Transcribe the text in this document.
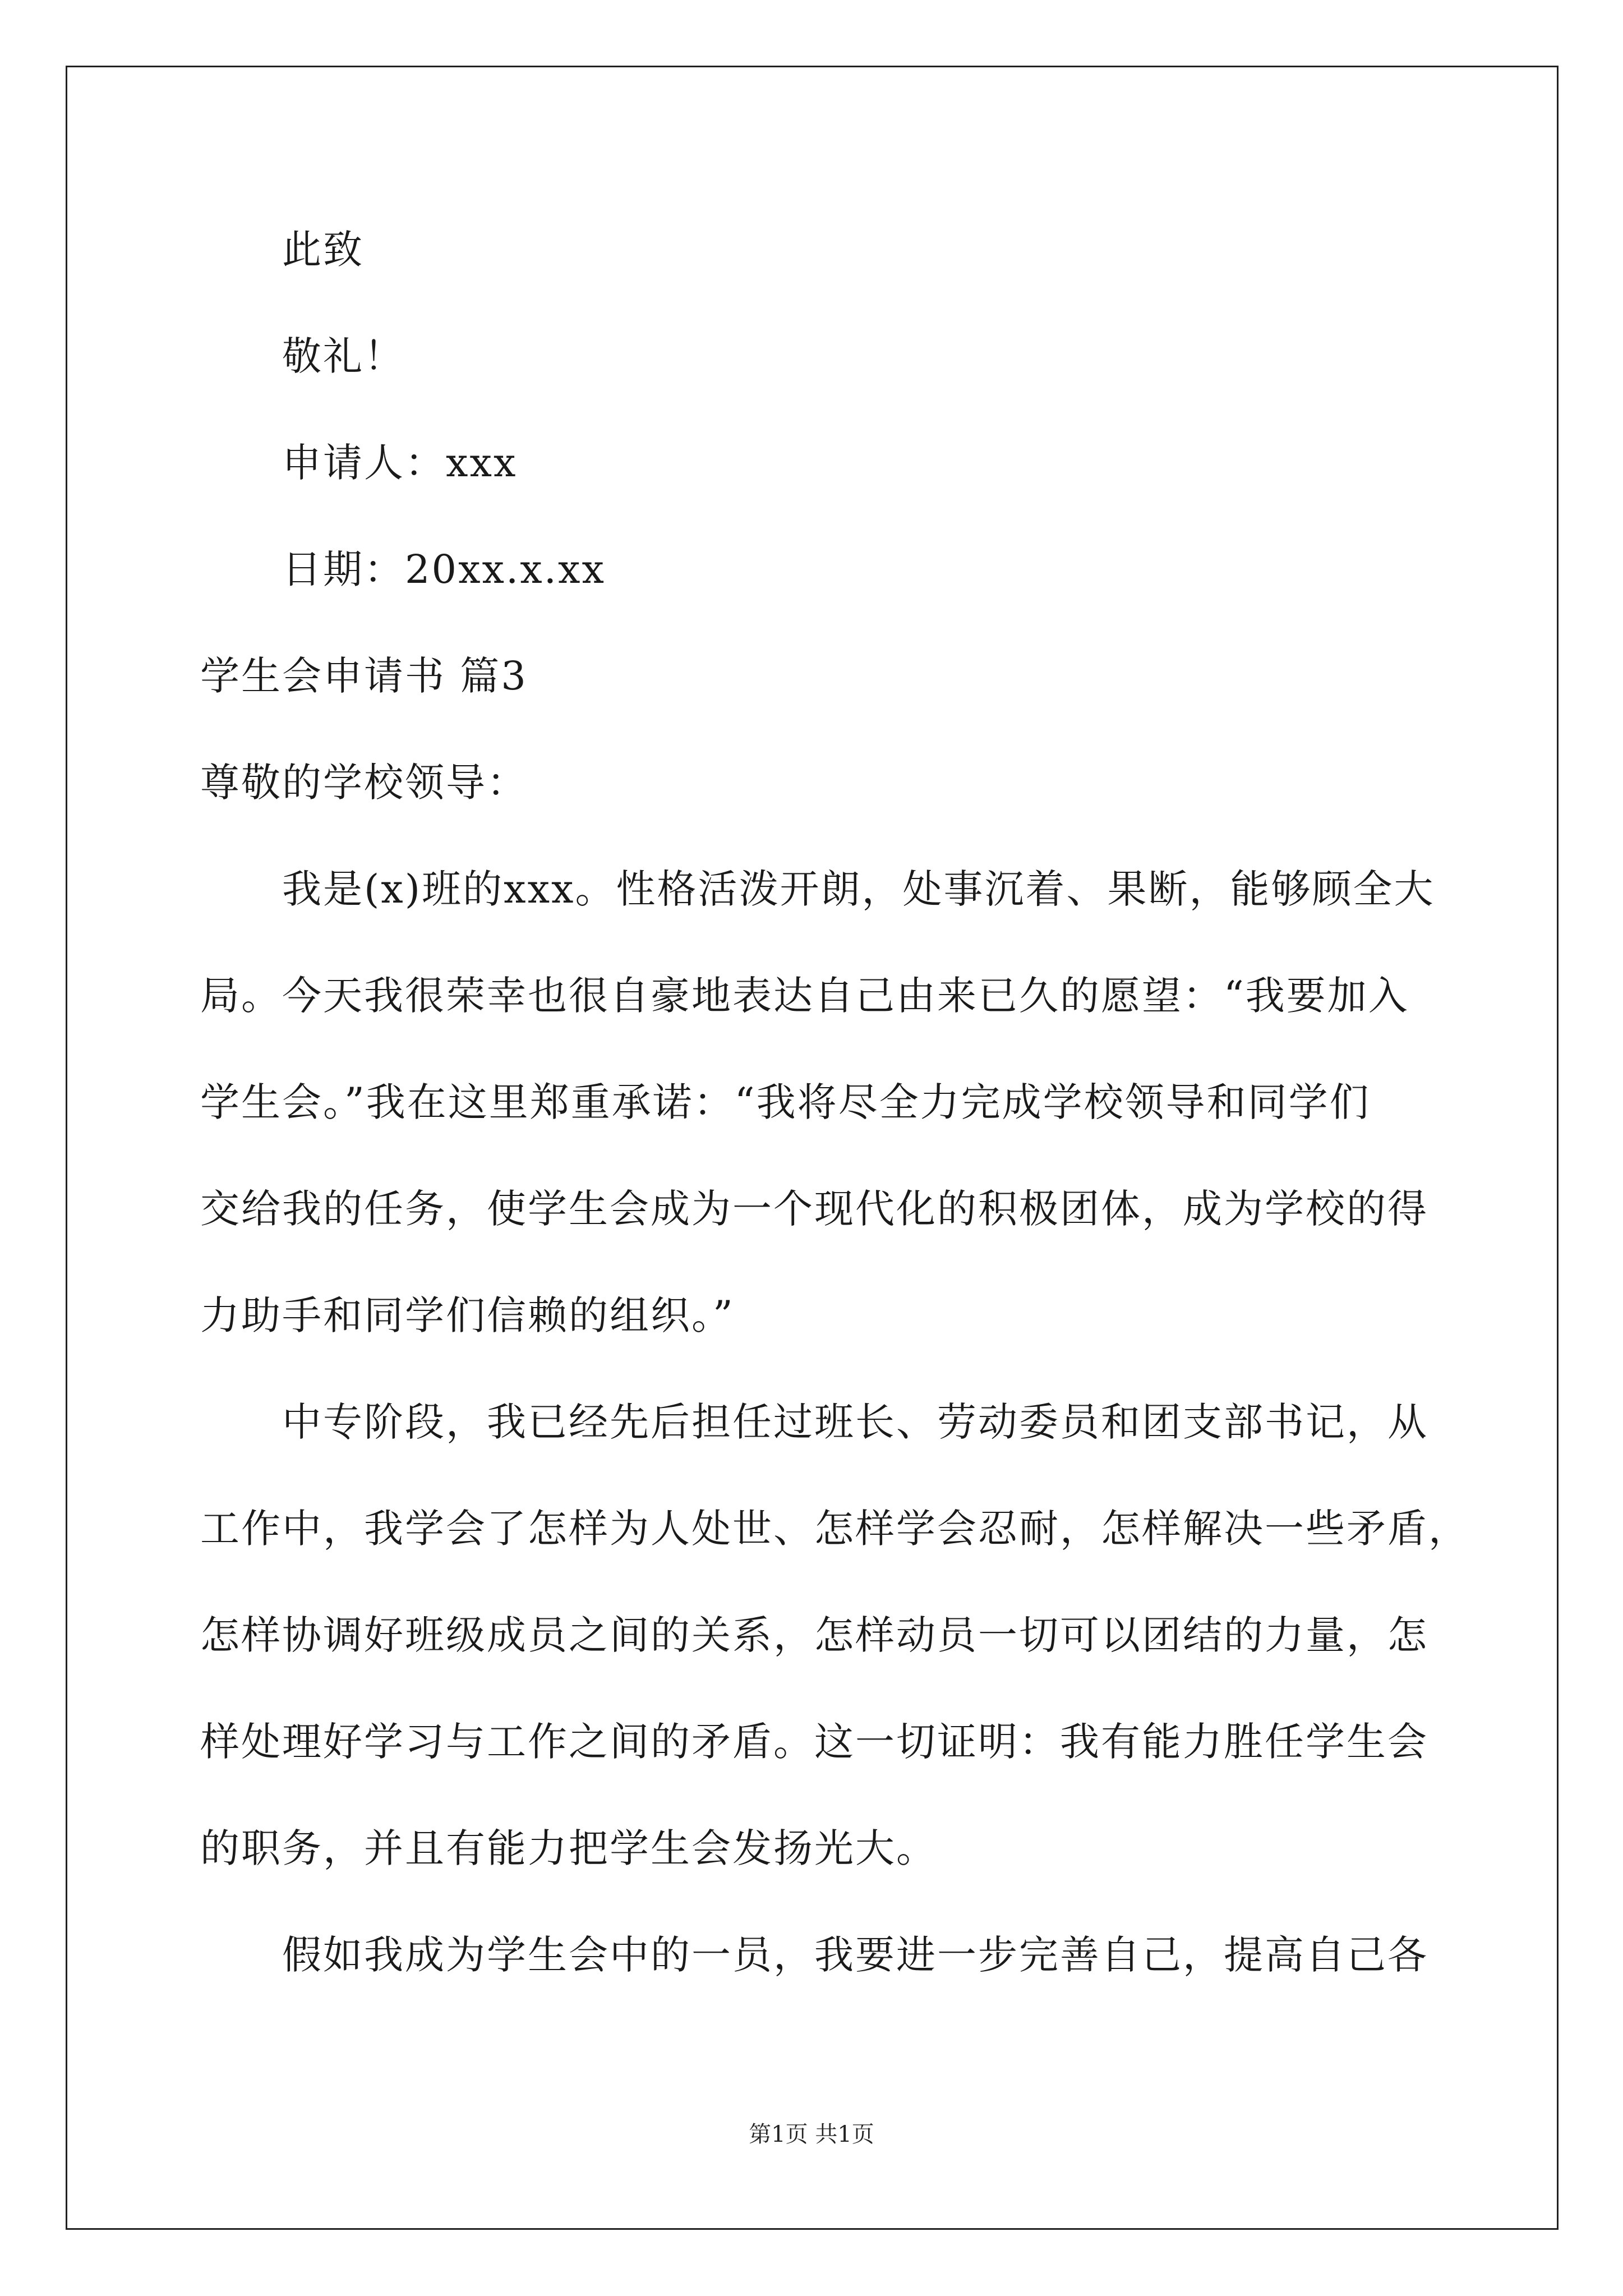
此致
敬礼！
申请人：xxx
日期：20xx.x.xx
学生会申请书 篇3
尊敬的学校领导：
我是(x)班的xxx。性格活泼开朗，处事沉着、果断，能够顾全大
局。今天我很荣幸也很自豪地表达自己由来已久的愿望：“我要加入
学生会。”我在这里郑重承诺：“我将尽全力完成学校领导和同学们
交给我的任务，使学生会成为一个现代化的积极团体，成为学校的得
力助手和同学们信赖的组织。”
中专阶段，我已经先后担任过班长、劳动委员和团支部书记，从
工作中，我学会了怎样为人处世、怎样学会忍耐，怎样解决一些矛盾，
怎样协调好班级成员之间的关系，怎样动员一切可以团结的力量，怎
样处理好学习与工作之间的矛盾。这一切证明：我有能力胜任学生会
的职务，并且有能力把学生会发扬光大。
假如我成为学生会中的一员，我要进一步完善自己，提高自己各
第1页 共1页
